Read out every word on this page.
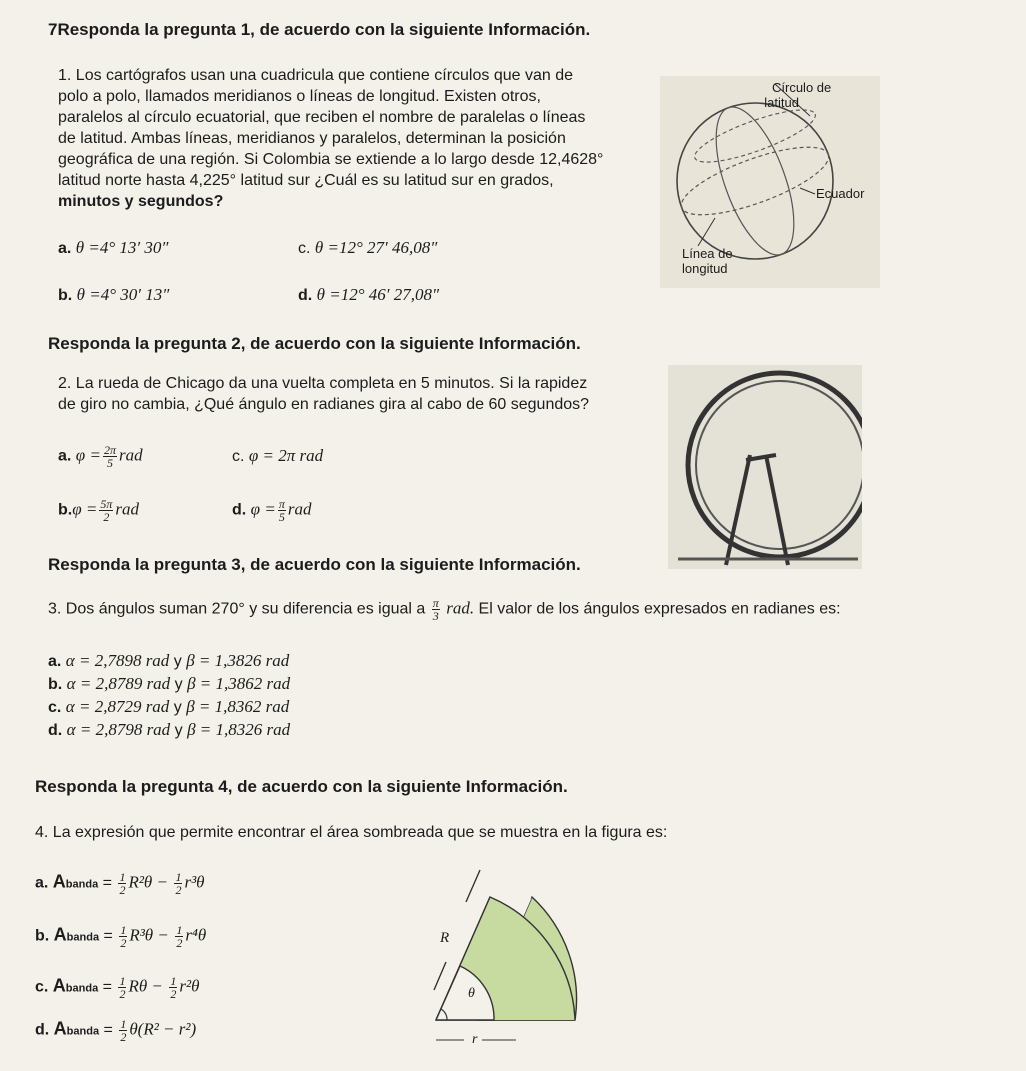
7Responda la pregunta 1, de acuerdo con la siguiente Información.
1. Los cartógrafos usan una cuadricula que contiene círculos que van de
polo a polo, llamados meridianos o líneas de longitud. Existen otros,
paralelos al círculo ecuatorial, que reciben el nombre de paralelas o líneas
de latitud. Ambas líneas, meridianos y paralelos, determinan la posición
geográfica de una región. Si Colombia se extiende a lo largo desde 12,4628°
latitud norte hasta 4,225° latitud sur ¿Cuál es su latitud sur en grados,
minutos y segundos?
a. θ =4° 13′ 30″	c. θ =12° 27′ 46,08″
b. θ =4° 30′ 13″	d. θ =12° 46′ 27,08″
Círculo de
latitud
Ecuador
Línea de
longitud
Responda la pregunta 2, de acuerdo con la siguiente Información.
2. La rueda de Chicago da una vuelta completa en 5 minutos. Si la rapidez
de giro no cambia, ¿Qué ángulo en radianes gira al cabo de 60 segundos?
a. $\varphi = \frac{2\pi}{5}$ rad	c. φ = 2π rad
$b.\varphi = \frac{5\pi}{2}$ rad	d. $\varphi = \frac{\pi}{5}$ rad
Responda la pregunta 3, de acuerdo con la siguiente Información.
3. Dos ángulos suman 270° y su diferencia es igual a $\frac{\pi}{3}$ rad. El valor de los ángulos expresados en radianes es:
a. α = 2,7898 rad y β = 1,3826 rad
b. α = 2,8789 rad y β = 1,3862 rad
c. α = 2,8729 rad y β = 1,8362 rad
d. α = 2,8798 rad y β = 1,8326 rad
Responda la pregunta 4, de acuerdo con la siguiente Información.
4. La expresión que permite encontrar el área sombreada que se muestra en la figura es:
a. Abanda = $\frac{1}{2} R^2\theta - \frac{1}{2} r^3\theta$
b. Abanda = $\frac{1}{2} R^3\theta - \frac{1}{2} r^4\theta$
c. Abanda = $\frac{1}{2}$ $R\theta - \frac{1}{2} r^2\theta$
d. Abanda = $\frac{1}{2} \theta(R^2 - r^2)$
R
θ
r
